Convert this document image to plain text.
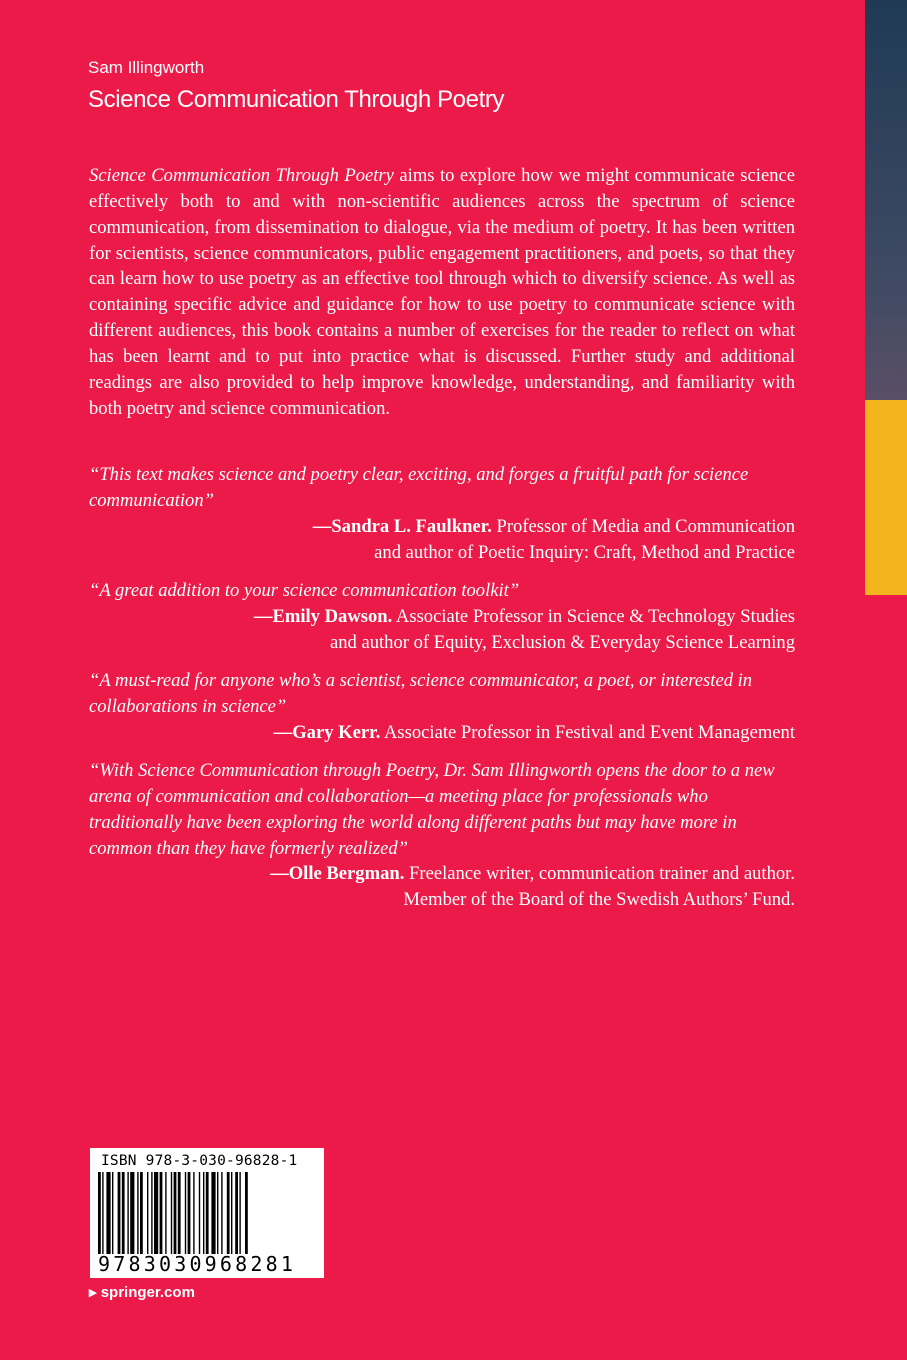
Sam Illingworth
Science Communication Through Poetry
Science Communication Through Poetry aims to explore how we might communicate science effectively both to and with non-scientific audiences across the spectrum of science communication, from dissemination to dialogue, via the medium of poetry. It has been written for scientists, science communicators, public engagement practitioners, and poets, so that they can learn how to use poetry as an effective tool through which to diversify science. As well as containing specific advice and guidance for how to use poetry to communicate science with different audiences, this book contains a number of exercises for the reader to reflect on what has been learnt and to put into practice what is discussed. Further study and additional readings are also provided to help improve knowledge, understanding, and familiarity with both poetry and science communication.
“This text makes science and poetry clear, exciting, and forges a fruitful path for science communication”
—Sandra L. Faulkner. Professor of Media and Communication
and author of Poetic Inquiry: Craft, Method and Practice
“A great addition to your science communication toolkit”
—Emily Dawson. Associate Professor in Science & Technology Studies
and author of Equity, Exclusion & Everyday Science Learning
“A must-read for anyone who’s a scientist, science communicator, a poet, or interested in collaborations in science”
—Gary Kerr. Associate Professor in Festival and Event Management
“With Science Communication through Poetry, Dr. Sam Illingworth opens the door to a new arena of communication and collaboration—a meeting place for professionals who traditionally have been exploring the world along different paths but may have more in common than they have formerly realized”
—Olle Bergman. Freelance writer, communication trainer and author.
Member of the Board of the Swedish Authors’ Fund.
ISBN 978-3-030-96828-1
9783030968281
▸ springer.com
